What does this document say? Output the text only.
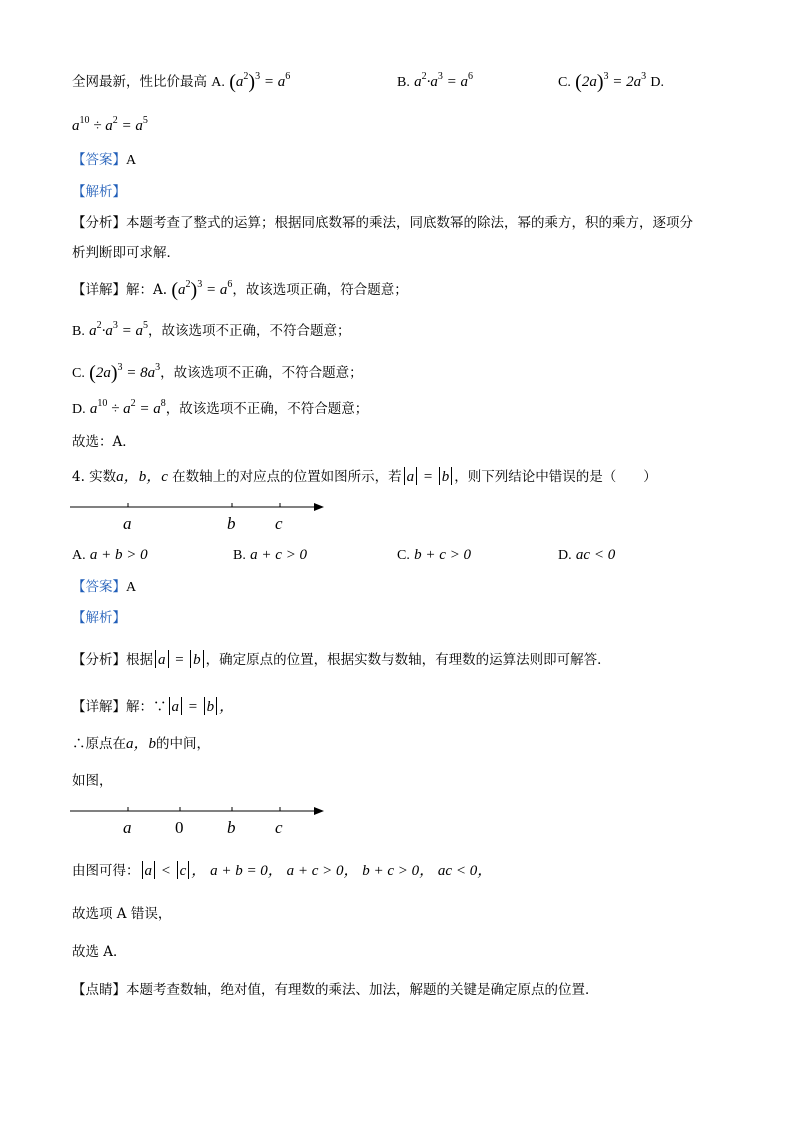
全网最新，性比价最高 A. $(a^2)^3 = a^6$	B. $a^2\cdot a^3 = a^6$	C. $(2a)^3 = 2a^3$ D.
$a^{10} \div a^2 = a^5$
【答案】A
【解析】
【分析】本题考查了整式的运算；根据同底数幂的乘法，同底数幂的除法，幂的乘方，积的乘方，逐项分
析判断即可求解．
【详解】解：A. $(a^2)^3 = a^6$，故该选项正确，符合题意；
B. $a^2\cdot a^3 = a^5$，故该选项不正确，不符合题意；
C. $(2a)^3 = 8a^3$，故该选项不正确，不符合题意；
D. $a^{10} \div a^2 = a^8$，故该选项不正确，不符合题意；
故选：A．
4. 实数a，b，c 在数轴上的对应点的位置如图所示，若 a = b ，则下列结论中错误的是（　　）
a	b c
A. a + b > 0	B. a + c > 0	C. b + c > 0	D. ac < 0
【答案】A
【解析】
【分析】根据 a = b ，确定原点的位置，根据实数与数轴，有理数的运算法则即可解答．
【详解】解：∵ a = b ，
∴原点在a，b的中间，
如图，
a	0	b c
由图可得： a < c ， a + b = 0， a + c > 0， b + c > 0， ac < 0，
故选项 A 错误，
故选 A．
【点睛】本题考查数轴，绝对值，有理数的乘法、加法，解题的关键是确定原点的位置．
